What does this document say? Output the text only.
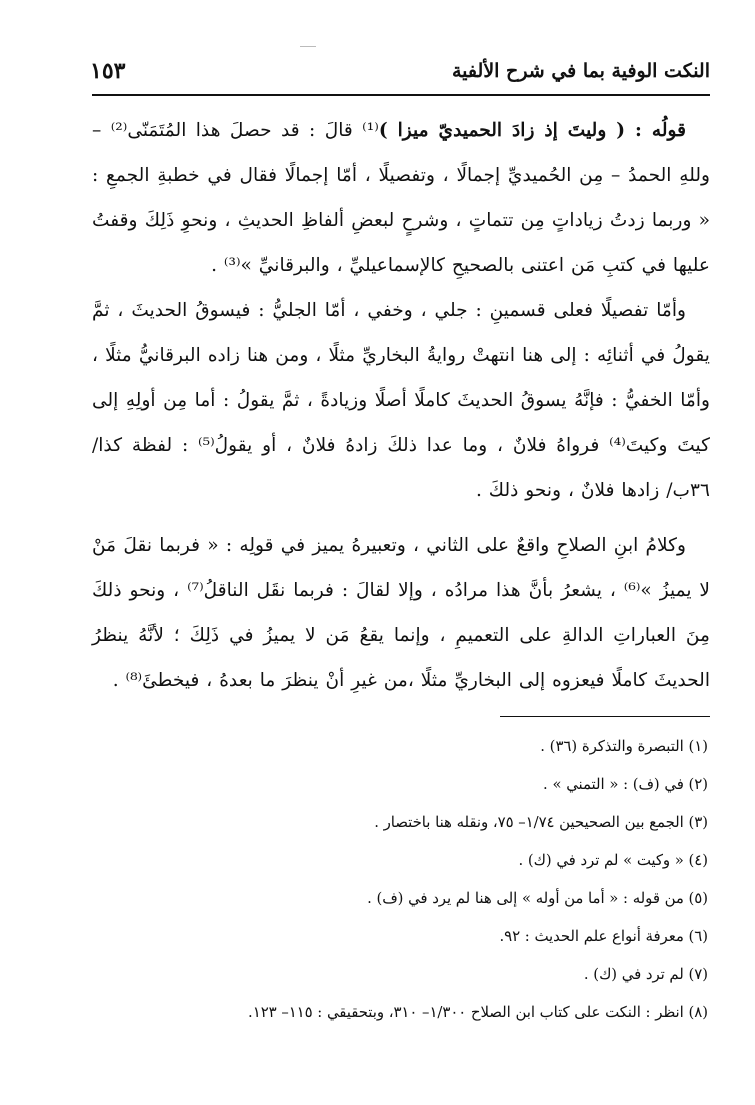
النكت الوفية بما في شرح الألفية
١٥٣

قولُه : ( وليتَ إذ زادَ الحميديّ ميزا )⁽¹⁾ قالَ : قد حصلَ هذا المُتَمَنّى⁽²⁾ – وللهِ الحمدُ – مِن الحُميديِّ إجمالًا ، وتفصيلًا ، أمّا إجمالًا فقال في خطبةِ الجمعِ : « وربما زدتُ زياداتٍ مِن تتماتٍ ، وشرحٍ لبعضِ ألفاظِ الحديثِ ، ونحوِ ذَلِكَ وقفتُ عليها في كتبِ مَن اعتنى بالصحيحِ كالإسماعيليِّ ، والبرقانيِّ »⁽³⁾ .

وأمّا تفصيلًا فعلى قسمينِ : جلي ، وخفي ، أمّا الجليُّ : فيسوقُ الحديثَ ، ثمَّ يقولُ في أثنائِه : إلى هنا انتهتْ روايةُ البخاريِّ مثلًا ، ومن هنا زاده البرقانيُّ مثلًا ، وأمّا الخفيُّ : فإنَّهُ يسوقُ الحديثَ كاملًا أصلًا وزيادةً ، ثمَّ يقولُ : أما مِن أولِهِ إلى كيتَ وكيتَ⁽⁴⁾ فرواهُ فلانٌ ، وما عدا ذلكَ زادهُ فلانٌ ، أو يقولُ⁽⁵⁾ : لفظة كذا/٣٦ب/ زادها فلانٌ ، ونحو ذلكَ .

وكلامُ ابنِ الصلاحِ واقعٌ على الثاني ، وتعبيرهُ يميز في قولِه : « فربما نقلَ مَنْ لا يميزُ »⁽⁶⁾ ، يشعرُ بأنَّ هذا مرادُه ، وإلا لقالَ : فربما نقَل الناقلُ⁽⁷⁾ ، ونحو ذلكَ مِنَ العباراتِ الدالةِ على التعميمِ ، وإنما يقعُ مَن لا يميزُ في ذَلِكَ ؛ لأنَّهُ ينظرُ الحديثَ كاملًا فيعزوه إلى البخاريِّ مثلًا ،من غيرِ أنْ ينظرَ ما بعدهُ ، فيخطئَ⁽⁸⁾ .

(١) التبصرة والتذكرة (٣٦) .
(٢) في (ف) : « التمني » .
(٣) الجمع بين الصحيحين ١/٧٤– ٧٥، ونقله هنا باختصار .
(٤) « وكيت » لم ترد في (ك) .
(٥) من قوله : « أما من أوله » إلى هنا لم يرد في (ف) .
(٦) معرفة أنواع علم الحديث : ٩٢.
(٧) لم ترد في (ك) .
(٨) انظر : النكت على كتاب ابن الصلاح ١/٣٠٠– ٣١٠، وبتحقيقي : ١١٥– ١٢٣.
